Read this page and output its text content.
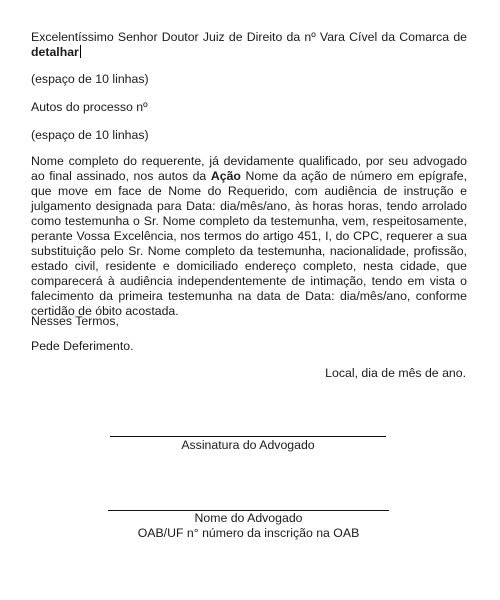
Excelentíssimo Senhor Doutor Juiz de Direito da nº Vara Cível da Comarca de detalhar

(espaço de 10 linhas)

Autos do processo nº

(espaço de 10 linhas)

Nome completo do requerente, já devidamente qualificado, por seu advogado ao final assinado, nos autos da Ação Nome da ação de número em epígrafe, que move em face de Nome do Requerido, com audiência de instrução e julgamento designada para Data: dia/mês/ano, às horas horas, tendo arrolado como testemunha o Sr. Nome completo da testemunha, vem, respeitosamente, perante Vossa Excelência, nos termos do artigo 451, I, do CPC, requerer a sua substituição pelo Sr. Nome completo da testemunha, nacionalidade, profissão, estado civil, residente e domiciliado endereço completo, nesta cidade, que comparecerá à audiência independentemente de intimação, tendo em vista o falecimento da primeira testemunha na data de Data: dia/mês/ano, conforme certidão de óbito acostada.

Nesses Termos,

Pede Deferimento.

Local, dia de mês de ano.

Assinatura do Advogado
Nome do Advogado
OAB/UF n° número da inscrição na OAB
